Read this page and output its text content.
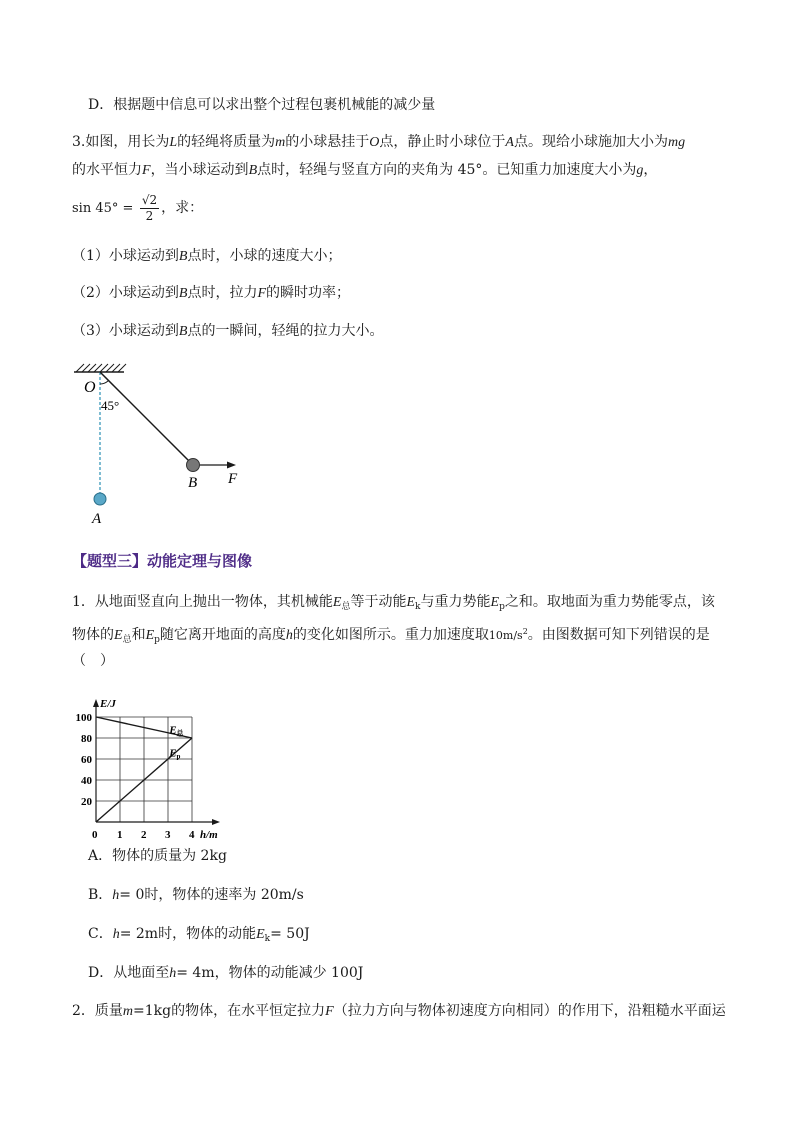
D．根据题中信息可以求出整个过程包裹机械能的减少量
3.如图，用长为L的轻绳将质量为m的小球悬挂于O点，静止时小球位于A点。现给小球施加大小为mg
的水平恒力F，当小球运动到B点时，轻绳与竖直方向的夹角为 45°。已知重力加速度大小为g，
$\sin 45^\circ = \frac{√2}{2}$ ，求：
（1）小球运动到B点时，小球的速度大小；
（2）小球运动到B点时，拉力F的瞬时功率；
（3）小球运动到B点的一瞬间，轻绳的拉力大小。
O
45°
A
B F
【题型三】动能定理与图像
1．从地面竖直向上抛出一物体，其机械能$E_总$等于动能$E_k$与重力势能$E_p$之和。取地面为重力势能零点，该
物体的$E_总$和$E_p$随它离开地面的高度h的变化如图所示。重力加速度取$10m/s^2$。由图数据可知下列错误的是
（　）
h/m
E/J
0 1 2 3 4
20
40
60
80
100
E总
Ep
A．物体的质量为 2kg
B．h= 0时，物体的速率为 20m/s
C．h= 2m时，物体的动能$E_k= 50J$
D．从地面至h= 4m，物体的动能减少 100J
2．质量m=1kg的物体，在水平恒定拉力F（拉力方向与物体初速度方向相同）的作用下，沿粗糙水平面运
